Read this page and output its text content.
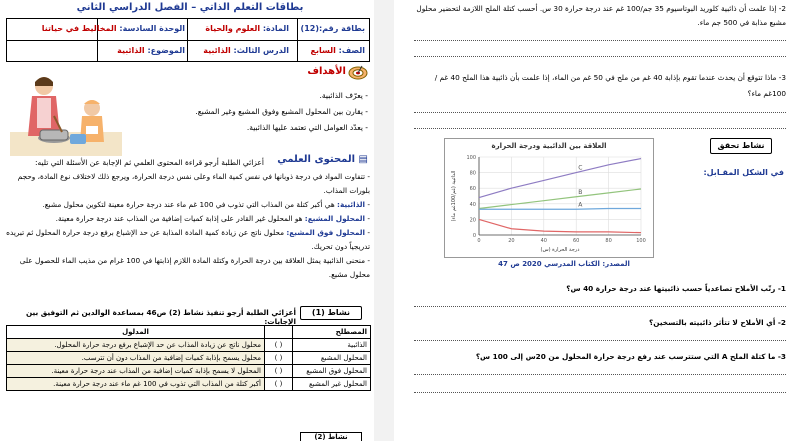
بطاقات التعلم الذاتي – الفصل الدراسي الثاني
بطاقة رقم:(12)
المادة: العلوم والحياة
الوحدة السادسة: المخاليط في حياتنا
الصف: السابع
الدرس الثالث: الذائبية
الموضوع: الذائبية
الأهداف
- يعرّف الذائبية.
- يقارن بين المحلول المشبع وفوق المشبع وغير المشبع.
- يعدّد العوامل التي تعتمد عليها الذائبية.
▤ المحتوى العلمي
أعزائي الطلبة أرجو قراءة المحتوى العلمي ثم الإجابة عن الأسئلة التي تليه:

- تتفاوت المواد في درجة ذوبانها في نفس كمية الماء وعلى نفس درجة الحرارة، ويرجع ذلك لاختلاف نوع المادة، وحجم بلورات المذاب.

- الذائبية: هي أكبر كتلة من المذاب التي تذوب في 100 غم ماء عند درجة حرارة معينة لتكوين محلول مشبع.

- المحلول المشبع: هو المحلول غير القادر على إذابة كميات إضافية من المذاب عند درجة حرارة معينة.

- المحلول فوق المشبع: محلول ناتج عن زيادة كمية المادة المذابة عن حد الإشباع برفع درجة حرارة المحلول ثم تبريده تدريجياً دون تحريك.

- منحنى الذائبية يمثل العلاقة بين درجة الحرارة وكتلة المادة اللازم إذابتها في 100 غرام من مذيب الماء للحصول على محلول مشبع.

نشاط (1)
أعزائي الطلبة أرجو تنفيذ نشاط (2) ص46 بمساعدة الوالدين ثم التوفيق بين الإجابات:
المدلول		المصطلح
محلول ناتج عن زيادة المذاب عن حد الإشباع برفع درجة حرارة المحلول.	( )	الذائبية
محلول يسمح بإذابة كميات إضافية من المذاب دون أن تترسب.	( )	المحلول المشبع
المحلول لا يسمح بإذابة كميات إضافية من المذاب عند درجة حرارة معينة.	( )	المحلول فوق المشبع
أكبر كتلة من المذاب التي تذوب في 100 غم ماء عند درجة حرارة معينة.	( )	المحلول غير المشبع
نشاط (2)
2- إذا علمت أن ذائبية كلوريد البوتاسيوم 35 جم/100 غم عند درجة حرارة 30 س. أحسب كتلة الملح اللازمة لتحضير محلول مشبع مذابة في 500 جم ماء.
3- ماذا تتوقع أن يحدث عندما تقوم بإذابة 40 غم من ملح في 50 غم من الماء، إذا علمت بأن ذائبية هذا الملح 40 غم / 100غم ماء؟
نشاط تحقق
في الشكل المقـابل:
العلاقة بين الذائبية ودرجة الحرارة
0
20
40
60
80
100
0	20	40	60	80	100
درجة الحرارة (س)
الذائبية (غم/100غم ماء)
C
B
A
المصدر: الكتاب المدرسي 2020 ص 47
1- رتّب الأملاح تصاعدياً حسب ذائبيتها عند درجة حرارة 40 س؟
2- أي الأملاح لا تتأثر ذائبيته بالتسخين؟
3- ما كتلة الملح A التي ستترسب عند رفع درجة حرارة المحلول من 20س إلى 100 س؟
